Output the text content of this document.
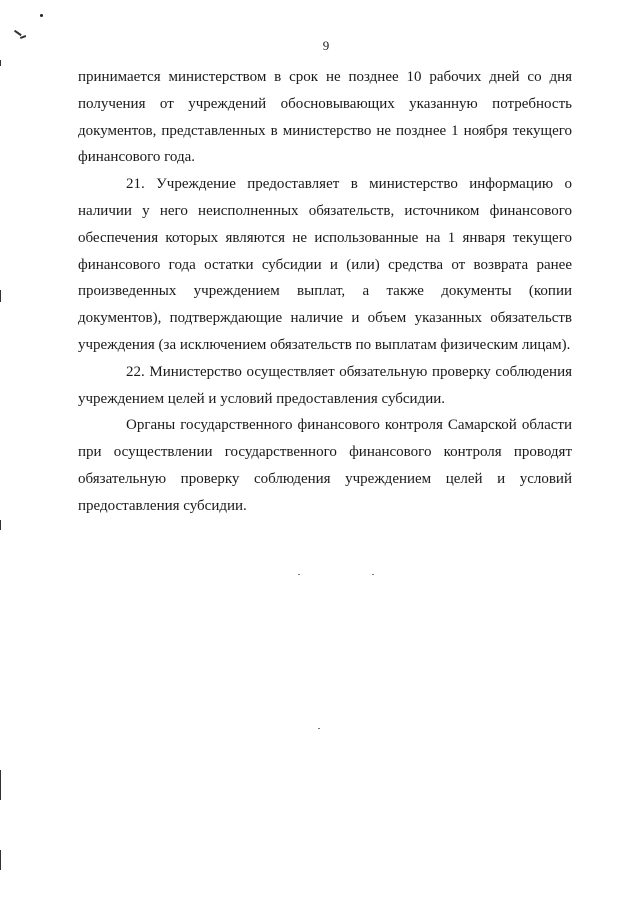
9

принимается министерством в срок не позднее 10 рабочих дней со дня получения от учреждений обосновывающих указанную потребность документов, представленных в министерство не позднее 1 ноября текущего финансового года.

21. Учреждение предоставляет в министерство информацию о наличии у него неисполненных обязательств, источником финансового обеспечения которых являются не использованные на 1 января текущего финансового года остатки субсидии и (или) средства от возврата ранее произведенных учреждением выплат, а также документы (копии документов), подтверждающие наличие и объем указанных обязательств учреждения (за исключением обязательств по выплатам физическим лицам).

22. Министерство осуществляет обязательную проверку соблюдения учреждением целей и условий предоставления субсидии.

Органы государственного финансового контроля Самарской области при осуществлении государственного финансового контроля проводят обязательную проверку соблюдения учреждением целей и условий предоставления субсидии.
